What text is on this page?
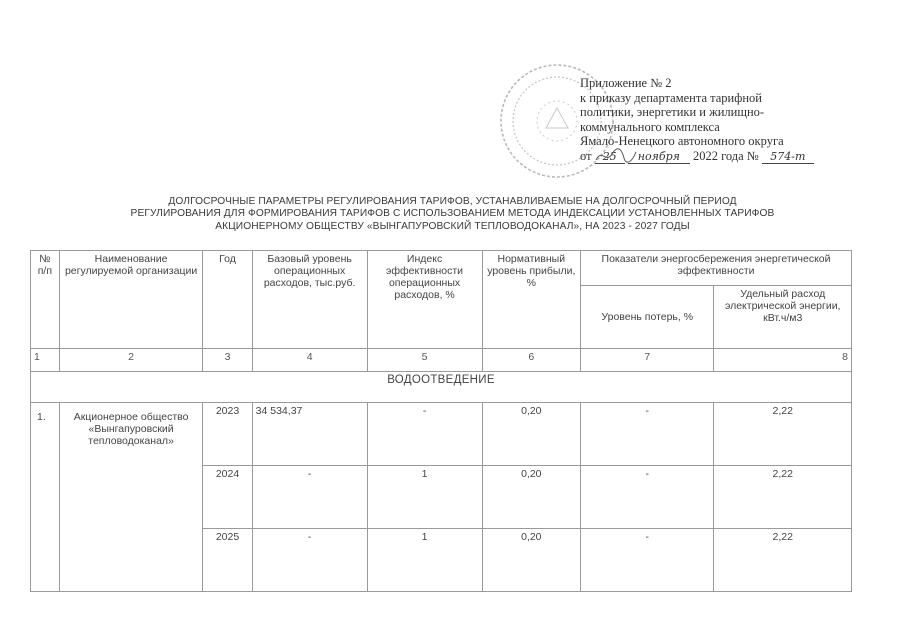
Приложение № 2
к приказу департамента тарифной
политики, энергетики и жилищно-
коммунального комплекса
Ямало-Ненецкого автономного округа
от 25 ноября 2022 года № 574-т
ДОЛГОСРОЧНЫЕ ПАРАМЕТРЫ РЕГУЛИРОВАНИЯ ТАРИФОВ, УСТАНАВЛИВАЕМЫЕ НА ДОЛГОСРОЧНЫЙ ПЕРИОД
РЕГУЛИРОВАНИЯ ДЛЯ ФОРМИРОВАНИЯ ТАРИФОВ С ИСПОЛЬЗОВАНИЕМ МЕТОДА ИНДЕКСАЦИИ УСТАНОВЛЕННЫХ ТАРИФОВ
АКЦИОНЕРНОМУ ОБЩЕСТВУ «ВЫНГАПУРОВСКИЙ ТЕПЛОВОДОКАНАЛ», НА 2023 - 2027 ГОДЫ
№ п/п	Наименование регулируемой организации	Год	Базовый уровень операционных расходов, тыс.руб.	Индекс эффективности операционных расходов, %	Нормативный уровень прибыли, %	Показатели энергосбережения энергетической эффективности	
						Уровень потерь, %	Удельный расход электрической энергии, кВт.ч/м3
1	2	3	4	5	6	7	8
ВОДООТВЕДЕНИЕ							
1.	Акционерное общество «Вынгапуровский тепловодоканал»	2023	34 534,37	-	0,20	-	2,22
		2024	-	1	0,20	-	2,22
		2025	-	1	0,20	-	2,22
